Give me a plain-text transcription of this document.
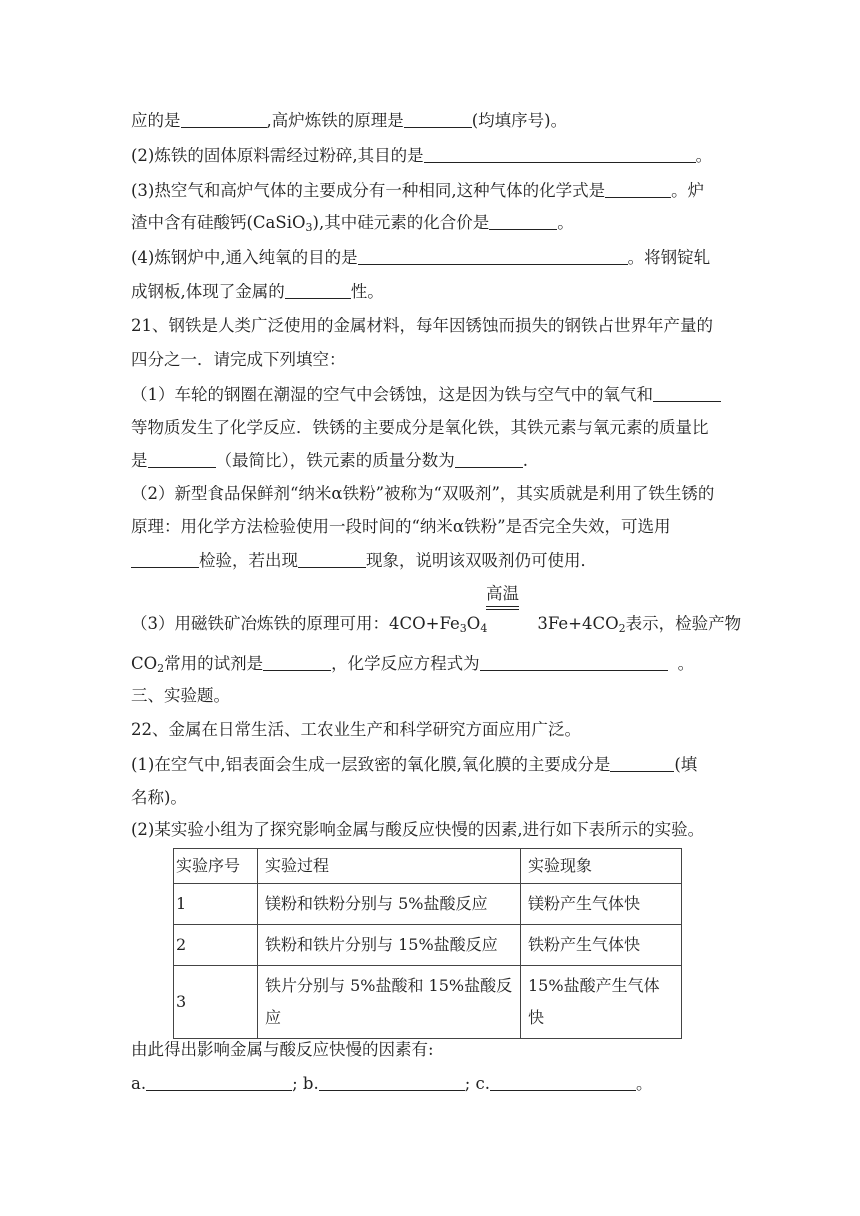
应的是	,高炉炼铁的原理是	(均填序号)。
(2)炼铁的固体原料需经过粉碎,其目的是	。
(3)热空气和高炉气体的主要成分有一种相同,这种气体的化学式是	。炉
渣中含有硅酸钙(CaSiO$_3$),其中硅元素的化合价是	。
(4)炼钢炉中,通入纯氧的目的是	。将钢锭轧
成钢板,体现了金属的	性。
21、钢铁是人类广泛使用的金属材料，每年因锈蚀而损失的钢铁占世界年产量的
四分之一．请完成下列填空：
（1）车轮的钢圈在潮湿的空气中会锈蚀，这是因为铁与空气中的氧气和
等物质发生了化学反应．铁锈的主要成分是氧化铁，其铁元素与氧元素的质量比
是	（最简比），铁元素的质量分数为	.
（2）新型食品保鲜剂“纳米α铁粉”被称为“双吸剂”，其实质就是利用了铁生锈的
原理：用化学方法检验使用一段时间的“纳米α铁粉”是否完全失效，可选用
检验，若出现	现象，说明该双吸剂仍可使用．
高温
（3）用磁铁矿冶炼铁的原理可用：$4CO+Fe_3O_4$	$3Fe+4CO_2$表示，检验产物
$CO_2$常用的试剂是	，化学反应方程式为	。
三、实验题。
22、金属在日常生活、工农业生产和科学研究方面应用广泛。
(1)在空气中,铝表面会生成一层致密的氧化膜,氧化膜的主要成分是	(填
名称)。
(2)某实验小组为了探究影响金属与酸反应快慢的因素,进行如下表所示的实验。
实验序号	实验过程	实验现象
1	镁粉和铁粉分别与 5%盐酸反应	镁粉产生气体快
2	铁粉和铁片分别与 15%盐酸反应	铁粉产生气体快
3	铁片分别与 5%盐酸和 15%盐酸反应	15%盐酸产生气体快
由此得出影响金属与酸反应快慢的因素有:
a.	; b.	; c.	。
